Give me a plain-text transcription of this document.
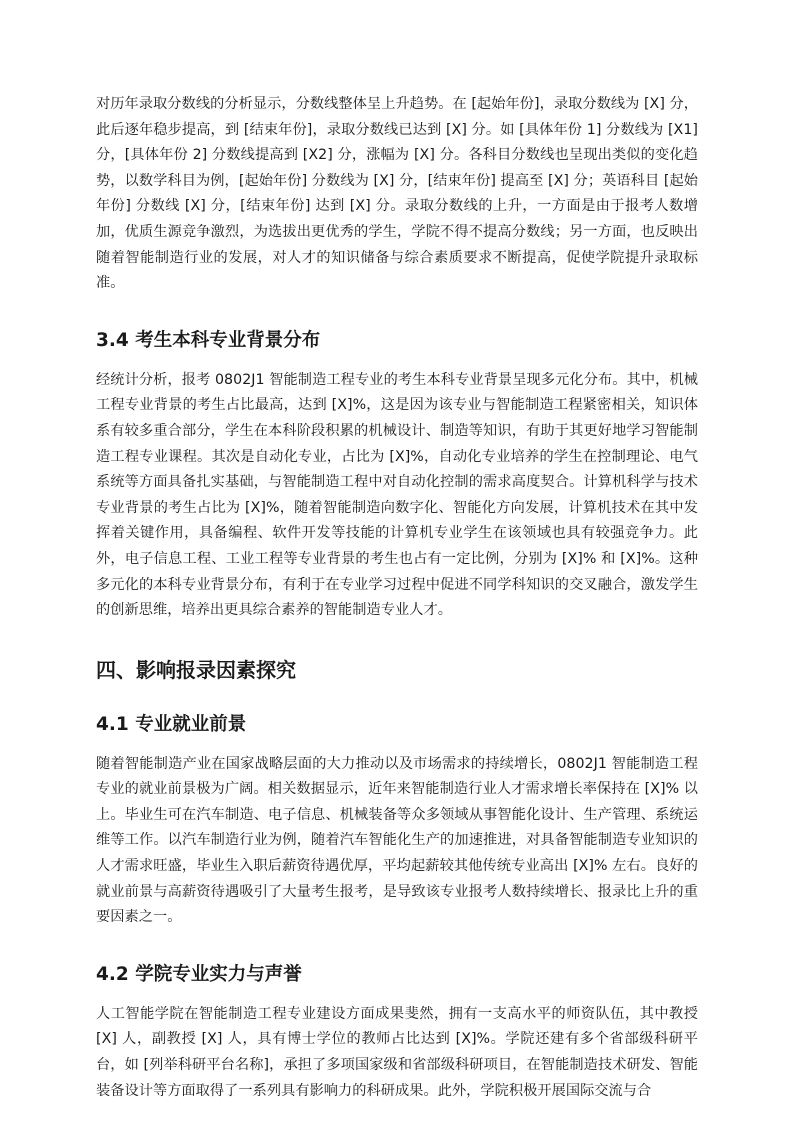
对历年录取分数线的分析显示，分数线整体呈上升趋势。在 [起始年份]，录取分数线为 [X] 分，此后逐年稳步提高，到 [结束年份]，录取分数线已达到 [X] 分。如 [具体年份 1] 分数线为 [X1] 分，[具体年份 2] 分数线提高到 [X2] 分，涨幅为 [X] 分。各科目分数线也呈现出类似的变化趋势，以数学科目为例，[起始年份] 分数线为 [X] 分，[结束年份] 提高至 [X] 分；英语科目 [起始年份] 分数线 [X] 分，[结束年份] 达到 [X] 分。录取分数线的上升，一方面是由于报考人数增加，优质生源竞争激烈，为选拔出更优秀的学生，学院不得不提高分数线；另一方面，也反映出随着智能制造行业的发展，对人才的知识储备与综合素质要求不断提高，促使学院提升录取标准。

3.4 考生本科专业背景分布

经统计分析，报考 0802J1 智能制造工程专业的考生本科专业背景呈现多元化分布。其中，机械工程专业背景的考生占比最高，达到 [X]%，这是因为该专业与智能制造工程紧密相关，知识体系有较多重合部分，学生在本科阶段积累的机械设计、制造等知识，有助于其更好地学习智能制造工程专业课程。其次是自动化专业，占比为 [X]%，自动化专业培养的学生在控制理论、电气系统等方面具备扎实基础，与智能制造工程中对自动化控制的需求高度契合。计算机科学与技术专业背景的考生占比为 [X]%，随着智能制造向数字化、智能化方向发展，计算机技术在其中发挥着关键作用，具备编程、软件开发等技能的计算机专业学生在该领域也具有较强竞争力。此外，电子信息工程、工业工程等专业背景的考生也占有一定比例，分别为 [X]% 和 [X]%。这种多元化的本科专业背景分布，有利于在专业学习过程中促进不同学科知识的交叉融合，激发学生的创新思维，培养出更具综合素养的智能制造专业人才。

四、影响报录因素探究
4.1 专业就业前景

随着智能制造产业在国家战略层面的大力推动以及市场需求的持续增长，0802J1 智能制造工程专业的就业前景极为广阔。相关数据显示，近年来智能制造行业人才需求增长率保持在 [X]% 以上。毕业生可在汽车制造、电子信息、机械装备等众多领域从事智能化设计、生产管理、系统运维等工作。以汽车制造行业为例，随着汽车智能化生产的加速推进，对具备智能制造专业知识的人才需求旺盛，毕业生入职后薪资待遇优厚，平均起薪较其他传统专业高出 [X]% 左右。良好的就业前景与高薪资待遇吸引了大量考生报考，是导致该专业报考人数持续增长、报录比上升的重要因素之一。

4.2 学院专业实力与声誉

人工智能学院在智能制造工程专业建设方面成果斐然，拥有一支高水平的师资队伍，其中教授 [X] 人，副教授 [X] 人，具有博士学位的教师占比达到 [X]%。学院还建有多个省部级科研平台，如 [列举科研平台名称]，承担了多项国家级和省部级科研项目，在智能制造技术研发、智能装备设计等方面取得了一系列具有影响力的科研成果。此外，学院积极开展国际交流与合
